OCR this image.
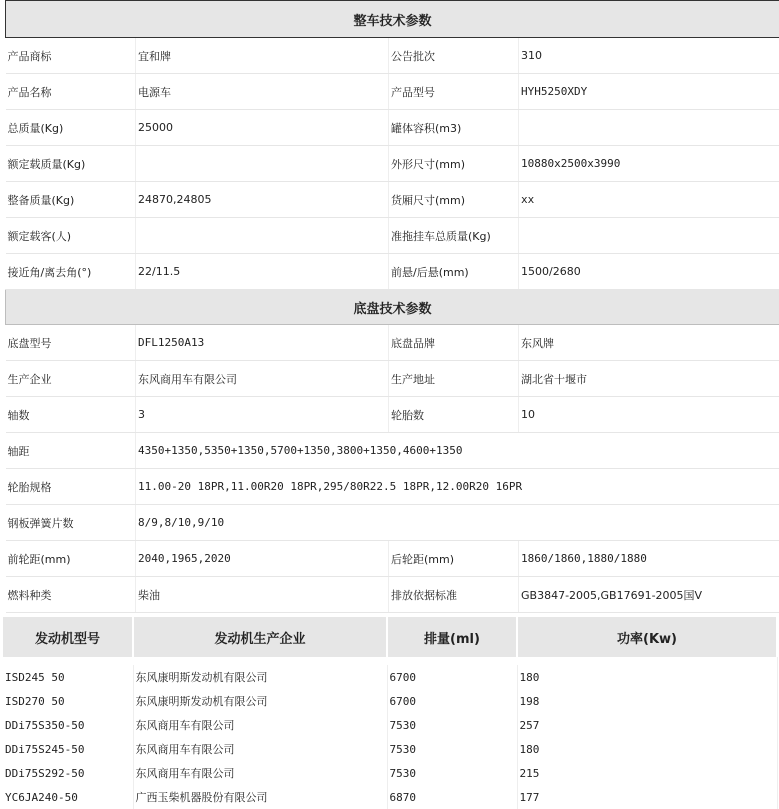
整车技术参数			
产品商标	宜和牌	公告批次	310
产品名称	电源车	产品型号	HYH5250XDY
总质量(Kg)	25000	罐体容积(m3)	
额定载质量(Kg)		外形尺寸(mm)	10880x2500x3990
整备质量(Kg)	24870,24805	货厢尺寸(mm)	xx
额定载客(人)		准拖挂车总质量(Kg)	
接近角/离去角(°)	22/11.5	前悬/后悬(mm)	1500/2680
底盘技术参数			
底盘型号	DFL1250A13	底盘品牌	东风牌
生产企业	东风商用车有限公司	生产地址	湖北省十堰市
轴数	3	轮胎数	10
轴距	4350+1350,5350+1350,5700+1350,3800+1350,4600+1350		
轮胎规格	11.00-20 18PR,11.00R20 18PR,295/80R22.5 18PR,12.00R20 16PR		
钢板弹簧片数	8/9,8/10,9/10		
前轮距(mm)	2040,1965,2020	后轮距(mm)	1860/1860,1880/1880
燃料种类	柴油	排放依据标准	GB3847-2005,GB17691-2005国V
发动机型号	发动机生产企业	排量(ml)	功率(Kw)

ISD245 50	东风康明斯发动机有限公司	6700	180
ISD270 50	东风康明斯发动机有限公司	6700	198
DDi75S350-50	东风商用车有限公司	7530	257
DDi75S245-50	东风商用车有限公司	7530	180
DDi75S292-50	东风商用车有限公司	7530	215
YC6JA240-50	广西玉柴机器股份有限公司	6870	177
